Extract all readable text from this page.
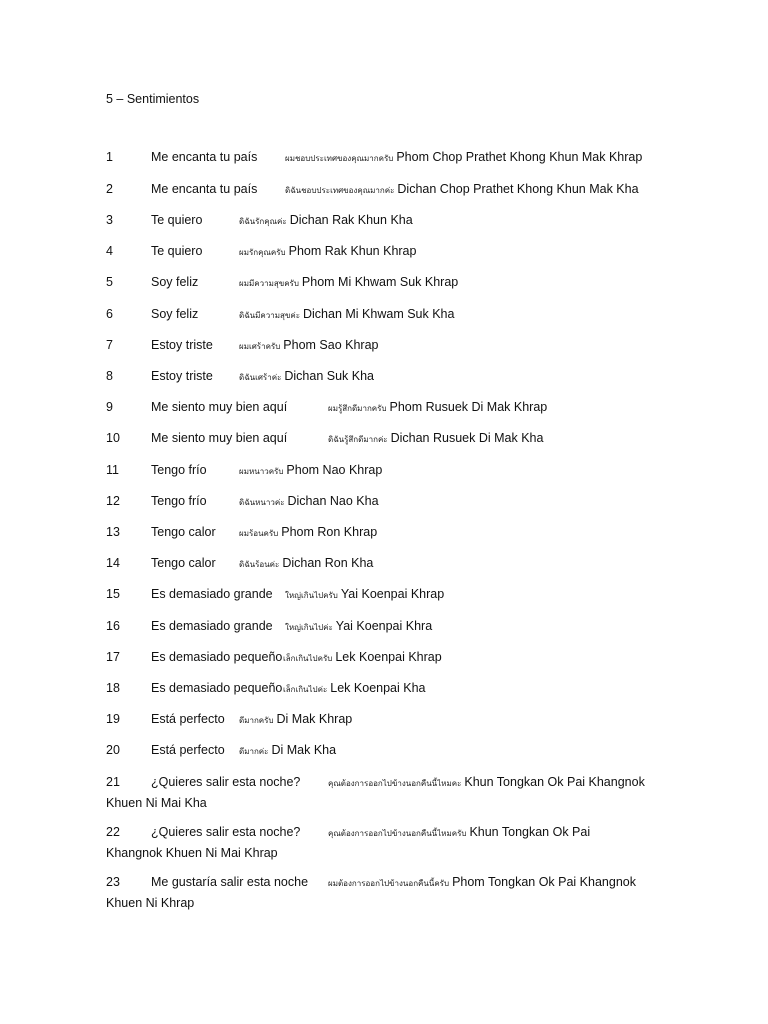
5 – Sentimientos
1	Me encanta tu país	ผมชอบประเทศของคุณมากครับ Phom Chop Prathet Khong Khun Mak Khrap
2	Me encanta tu país	ดิฉันชอบประเทศของคุณมากค่ะ Dichan Chop Prathet Khong Khun Mak Kha
3	Te quiero	ดิฉันรักคุณค่ะ Dichan Rak Khun Kha
4	Te quiero	ผมรักคุณครับ Phom Rak Khun Khrap
5	Soy feliz	ผมมีความสุขครับ Phom Mi Khwam Suk Khrap
6	Soy feliz	ดิฉันมีความสุขค่ะ Dichan Mi Khwam Suk Kha
7	Estoy triste	ผมเศร้าครับ Phom Sao Khrap
8	Estoy triste	ดิฉันเศร้าค่ะ Dichan Suk Kha
9	Me siento muy bien aquí	ผมรู้สึกดีมากครับ Phom Rusuek Di Mak Khrap
10 Me siento muy bien aquí	ดิฉันรู้สึกดีมากค่ะ Dichan Rusuek Di Mak Kha
11	Tengo frío	ผมหนาวครับ Phom Nao Khrap
12 Tengo frío	ดิฉันหนาวค่ะ Dichan Nao Kha
13 Tengo calor	ผมร้อนครับ Phom Ron Khrap
14 Tengo calor	ดิฉันร้อนค่ะ Dichan Ron Kha
15 Es demasiado grande ใหญ่เกินไปครับ Yai Koenpai Khrap
16 Es demasiado grande ใหญ่เกินไปค่ะ Yai Koenpai Khra
17 Es demasiado pequeño เล็กเกินไปครับ Lek Koenpai Khrap
18 Es demasiado pequeño เล็กเกินไปค่ะ Lek Koenpai Kha
19 Está perfecto ดีมากครับ Di Mak Khrap
20 Está perfecto ดีมากค่ะ Di Mak Kha
21 ¿Quieres salir esta noche?	คุณต้องการออกไปข้างนอกคืนนี้ไหมคะ Khun Tongkan Ok Pai Khangnok
Khuen Ni Mai Kha
22 ¿Quieres salir esta noche?	คุณต้องการออกไปข้างนอกคืนนี้ไหมครับ Khun Tongkan Ok Pai
Khangnok Khuen Ni Mai Khrap
23 Me gustaría salir esta noche ผมต้องการออกไปข้างนอกคืนนี้ครับ Phom Tongkan Ok Pai Khangnok
Khuen Ni Khrap
